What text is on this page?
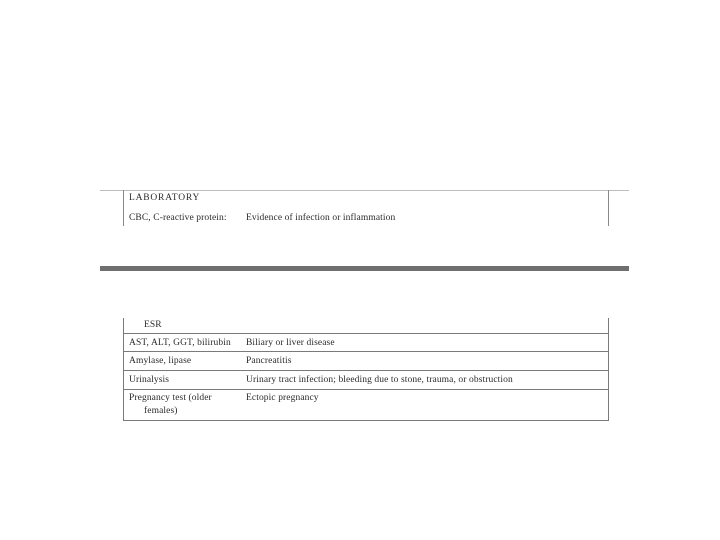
LABORATORY
CBC, C-reactive protein: Evidence of infection or inflammation
ESR
AST, ALT, GGT, bilirubin Biliary or liver disease
Amylase, lipase	Pancreatitis
Urinalysis	Urinary tract infection; bleeding due to stone, trauma, or obstruction
Pregnancy test (older
females)
Ectopic pregnancy
